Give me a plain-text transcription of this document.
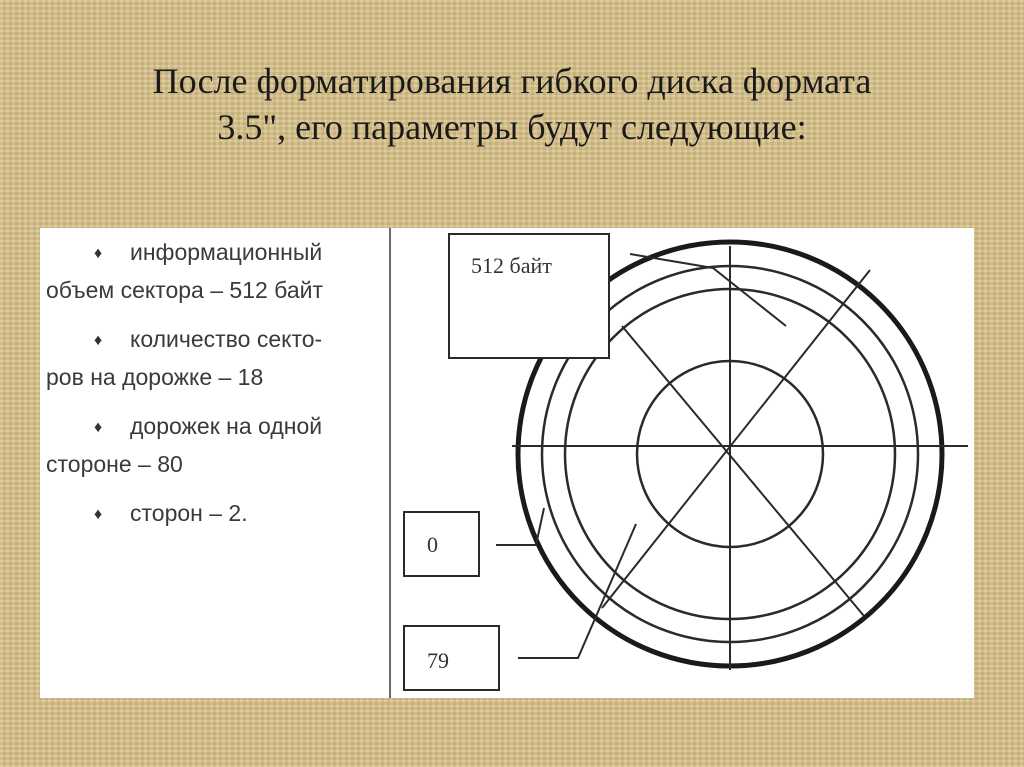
После форматирования гибкого диска формата
3.5", его параметры будут следующие:
♦ информационный
объем сектора – 512 байт
♦ количество секто-
ров на дорожке – 18
♦ дорожек на одной
стороне – 80
♦ сторон – 2.
512 байт
0
79
